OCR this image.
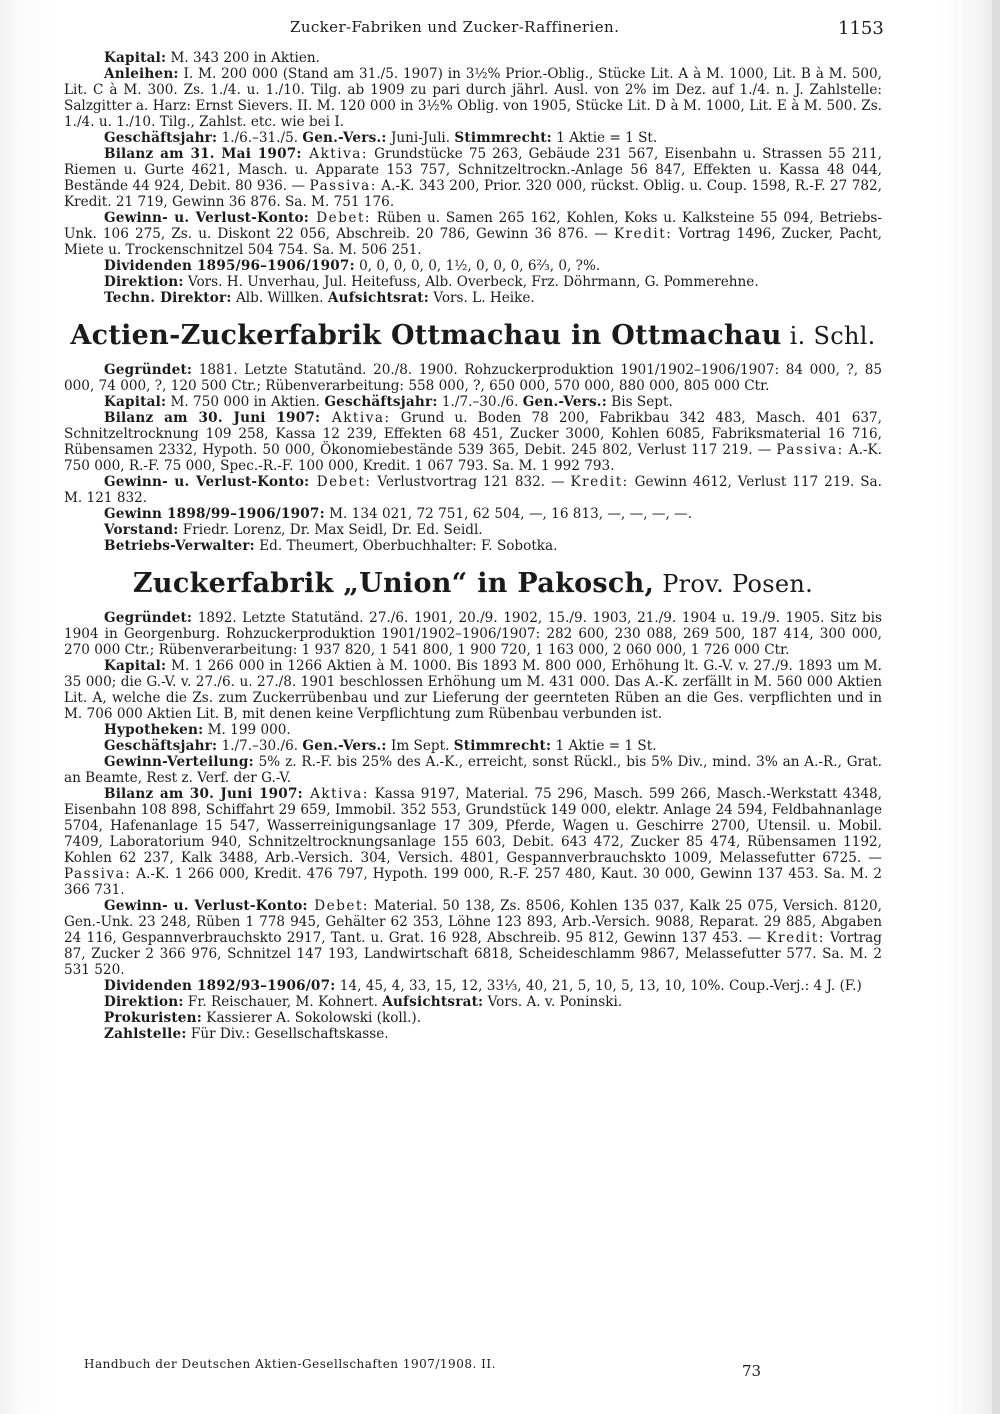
Zucker-Fabriken und Zucker-Raffinerien.	1153

Kapital: M. 343 200 in Aktien.

Anleihen: I. M. 200 000 (Stand am 31./5. 1907) in 3½% Prior.-Oblig., Stücke Lit. A à M. 1000, Lit. B à M. 500, Lit. C à M. 300. Zs. 1./4. u. 1./10. Tilg. ab 1909 zu pari durch jährl. Ausl. von 2% im Dez. auf 1./4. n. J. Zahlstelle: Salzgitter a. Harz: Ernst Sievers. II. M. 120 000 in 3½% Oblig. von 1905, Stücke Lit. D à M. 1000, Lit. E à M. 500. Zs. 1./4. u. 1./10. Tilg., Zahlst. etc. wie bei I.

Geschäftsjahr: 1./6.–31./5. Gen.-Vers.: Juni-Juli. Stimmrecht: 1 Aktie = 1 St.

Bilanz am 31. Mai 1907: Aktiva: Grundstücke 75 263, Gebäude 231 567, Eisenbahn u. Strassen 55 211, Riemen u. Gurte 4621, Masch. u. Apparate 153 757, Schnitzeltrockn.-Anlage 56 847, Effekten u. Kassa 48 044, Bestände 44 924, Debit. 80 936. — Passiva: A.-K. 343 200, Prior. 320 000, rückst. Oblig. u. Coup. 1598, R.-F. 27 782, Kredit. 21 719, Gewinn 36 876. Sa. M. 751 176.

Gewinn- u. Verlust-Konto: Debet: Rüben u. Samen 265 162, Kohlen, Koks u. Kalksteine 55 094, Betriebs-Unk. 106 275, Zs. u. Diskont 22 056, Abschreib. 20 786, Gewinn 36 876. — Kredit: Vortrag 1496, Zucker, Pacht, Miete u. Trockenschnitzel 504 754. Sa. M. 506 251.

Dividenden 1895/96–1906/1907: 0, 0, 0, 0, 0, 1½, 0, 0, 0, 6⅔, 0, ?%.

Direktion: Vors. H. Unverhau, Jul. Heitefuss, Alb. Overbeck, Frz. Döhrmann, G. Pommerehne.

Techn. Direktor: Alb. Willken. Aufsichtsrat: Vors. L. Heike.

Actien-Zuckerfabrik Ottmachau in Ottmachau i. Schl.

Gegründet: 1881. Letzte Statutänd. 20./8. 1900. Rohzuckerproduktion 1901/1902–1906/1907: 84 000, ?, 85 000, 74 000, ?, 120 500 Ctr.; Rübenverarbeitung: 558 000, ?, 650 000, 570 000, 880 000, 805 000 Ctr.

Kapital: M. 750 000 in Aktien. Geschäftsjahr: 1./7.–30./6. Gen.-Vers.: Bis Sept.

Bilanz am 30. Juni 1907: Aktiva: Grund u. Boden 78 200, Fabrikbau 342 483, Masch. 401 637, Schnitzeltrocknung 109 258, Kassa 12 239, Effekten 68 451, Zucker 3000, Kohlen 6085, Fabriksmaterial 16 716, Rübensamen 2332, Hypoth. 50 000, Ökonomiebestände 539 365, Debit. 245 802, Verlust 117 219. — Passiva: A.-K. 750 000, R.-F. 75 000, Spec.-R.-F. 100 000, Kredit. 1 067 793. Sa. M. 1 992 793.

Gewinn- u. Verlust-Konto: Debet: Verlustvortrag 121 832. — Kredit: Gewinn 4612, Verlust 117 219. Sa. M. 121 832.

Gewinn 1898/99–1906/1907: M. 134 021, 72 751, 62 504, —, 16 813, —, —, —, —.

Vorstand: Friedr. Lorenz, Dr. Max Seidl, Dr. Ed. Seidl.

Betriebs-Verwalter: Ed. Theumert, Oberbuchhalter: F. Sobotka.

Zuckerfabrik „Union“ in Pakosch, Prov. Posen.

Gegründet: 1892. Letzte Statutänd. 27./6. 1901, 20./9. 1902, 15./9. 1903, 21./9. 1904 u. 19./9. 1905. Sitz bis 1904 in Georgenburg. Rohzuckerproduktion 1901/1902–1906/1907: 282 600, 230 088, 269 500, 187 414, 300 000, 270 000 Ctr.; Rübenverarbeitung: 1 937 820, 1 541 800, 1 900 720, 1 163 000, 2 060 000, 1 726 000 Ctr.

Kapital: M. 1 266 000 in 1266 Aktien à M. 1000. Bis 1893 M. 800 000, Erhöhung lt. G.-V. v. 27./9. 1893 um M. 35 000; die G.-V. v. 27./6. u. 27./8. 1901 beschlossen Erhöhung um M. 431 000. Das A.-K. zerfällt in M. 560 000 Aktien Lit. A, welche die Zs. zum Zuckerrübenbau und zur Lieferung der geernteten Rüben an die Ges. verpflichten und in M. 706 000 Aktien Lit. B, mit denen keine Verpflichtung zum Rübenbau verbunden ist.

Hypotheken: M. 199 000.

Geschäftsjahr: 1./7.–30./6. Gen.-Vers.: Im Sept. Stimmrecht: 1 Aktie = 1 St.

Gewinn-Verteilung: 5% z. R.-F. bis 25% des A.-K., erreicht, sonst Rückl., bis 5% Div., mind. 3% an A.-R., Grat. an Beamte, Rest z. Verf. der G.-V.

Bilanz am 30. Juni 1907: Aktiva: Kassa 9197, Material. 75 296, Masch. 599 266, Masch.-Werkstatt 4348, Eisenbahn 108 898, Schiffahrt 29 659, Immobil. 352 553, Grundstück 149 000, elektr. Anlage 24 594, Feldbahnanlage 5704, Hafenanlage 15 547, Wasserreinigungsanlage 17 309, Pferde, Wagen u. Geschirre 2700, Utensil. u. Mobil. 7409, Laboratorium 940, Schnitzeltrocknungsanlage 155 603, Debit. 643 472, Zucker 85 474, Rübensamen 1192, Kohlen 62 237, Kalk 3488, Arb.-Versich. 304, Versich. 4801, Gespannverbrauchskto 1009, Melassefutter 6725. — Passiva: A.-K. 1 266 000, Kredit. 476 797, Hypoth. 199 000, R.-F. 257 480, Kaut. 30 000, Gewinn 137 453. Sa. M. 2 366 731.

Gewinn- u. Verlust-Konto: Debet: Material. 50 138, Zs. 8506, Kohlen 135 037, Kalk 25 075, Versich. 8120, Gen.-Unk. 23 248, Rüben 1 778 945, Gehälter 62 353, Löhne 123 893, Arb.-Versich. 9088, Reparat. 29 885, Abgaben 24 116, Gespannverbrauchskto 2917, Tant. u. Grat. 16 928, Abschreib. 95 812, Gewinn 137 453. — Kredit: Vortrag 87, Zucker 2 366 976, Schnitzel 147 193, Landwirtschaft 6818, Scheideschlamm 9867, Melassefutter 577. Sa. M. 2 531 520.

Dividenden 1892/93–1906/07: 14, 45, 4, 33, 15, 12, 33⅓, 40, 21, 5, 10, 5, 13, 10, 10%. Coup.-Verj.: 4 J. (F.)

Direktion: Fr. Reischauer, M. Kohnert. Aufsichtsrat: Vors. A. v. Poninski.

Prokuristen: Kassierer A. Sokolowski (koll.).

Zahlstelle: Für Div.: Gesellschaftskasse.

Handbuch der Deutschen Aktien-Gesellschaften 1907/1908. II.	73
